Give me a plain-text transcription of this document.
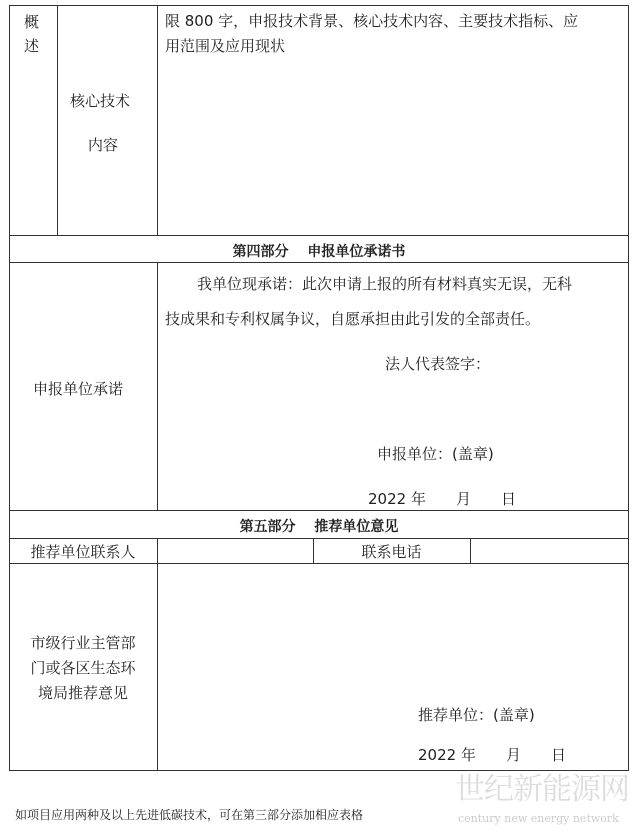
概述
核心技术
内容
限 800 字，申报技术背景、核心技术内容、主要技术指标、应
用范围及应用现状
第四部分　 申报单位承诺书
申报单位承诺
我单位现承诺：此次申请上报的所有材料真实无误，无科
技成果和专利权属争议，自愿承担由此引发的全部责任。
法人代表签字：
申报单位：(盖章)
2022 年　　月　　日
第五部分　 推荐单位意见
推荐单位联系人	联系电话
市级行业主管部
门或各区生态环
境局推荐意见
推荐单位：(盖章)
2022 年　　月　　日
如项目应用两种及以上先进低碳技术，可在第三部分添加相应表格
世纪新能源网
century new energy network
